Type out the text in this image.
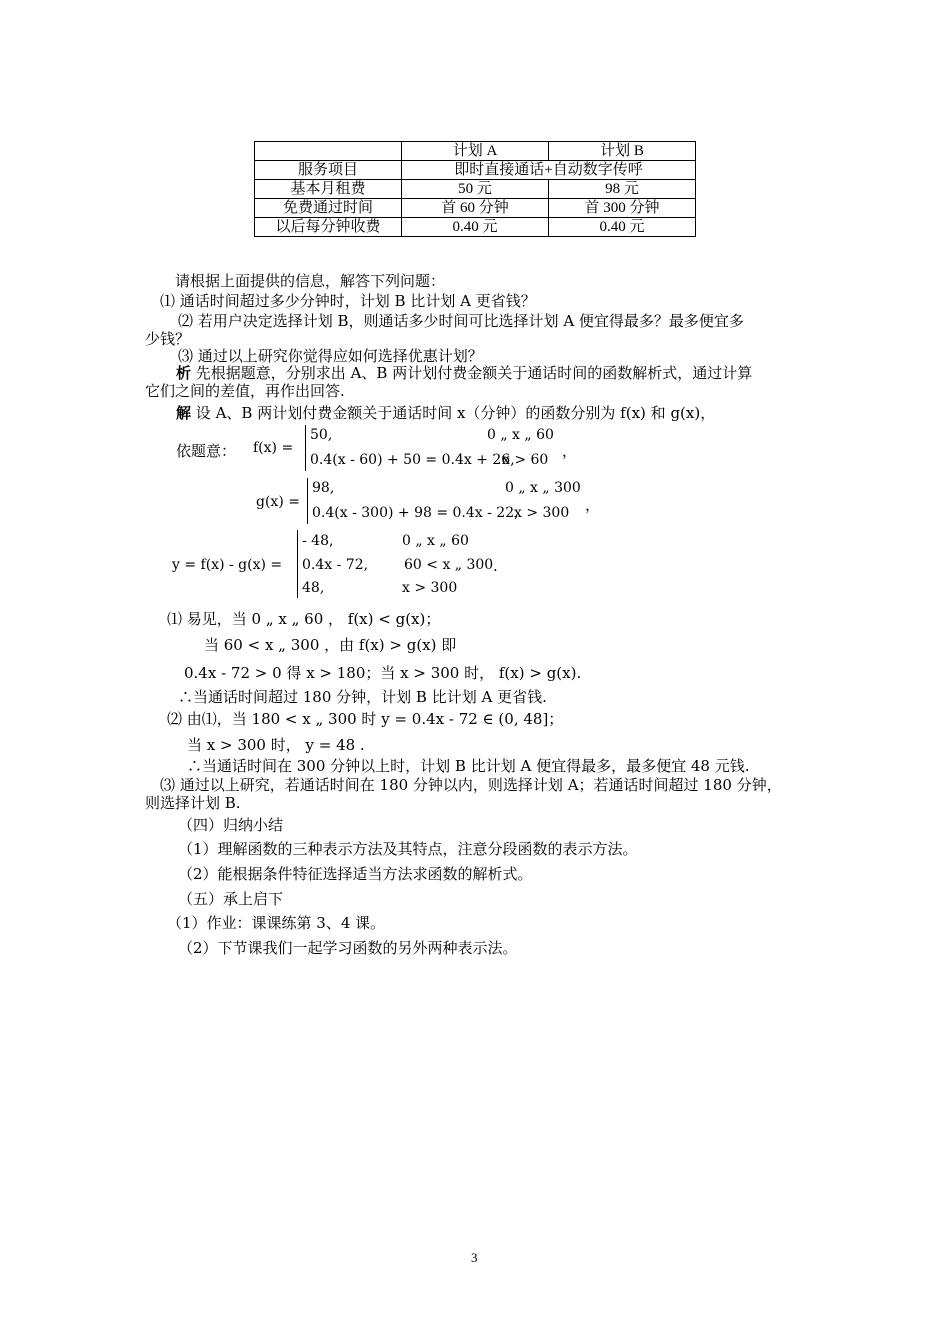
	计划 A	计划 B
服务项目	即时直接通话+自动数字传呼	
基本月租费	50 元	98 元
免费通过时间	首 60 分钟	首 300 分钟
以后每分钟收费	0.40 元	0.40 元
请根据上面提供的信息，解答下列问题：
⑴ 通话时间超过多少分钟时，计划 B 比计划 A 更省钱？
⑵ 若用户决定选择计划 B，则通话多少时间可比选择计划 A 便宜得最多？最多便宜多
少钱？
⑶ 通过以上研究你觉得应如何选择优惠计划？
析 先根据题意，分别求出 A、B 两计划付费金额关于通话时间的函数解析式，通过计算
它们之间的差值，再作出回答.
解 设 A、B 两计划付费金额关于通话时间 x（分钟）的函数分别为 f(x) 和 g(x)，
依题意： f(x) =
50,	0 „ x „ 60
0.4(x - 60) + 50 = 0.4x + 26,
x > 60 ，
g(x) =
98,	0 „ x „ 300
0.4(x - 300) + 98 = 0.4x - 22,
x > 300 ，
y = f(x) - g(x) =
- 48,	0 „ x „ 60
0.4x - 72,	60 < x „ 300
48,	x > 300
.
⑴ 易见，当 0 „ x „ 60 ， f(x) < g(x)；
当 60 < x „ 300 ，由 f(x) > g(x) 即
0.4x - 72 > 0 得 x > 180；当 x > 300 时， f(x) > g(x).
∴当通话时间超过 180 分钟，计划 B 比计划 A 更省钱.
⑵ 由⑴，当 180 < x „ 300 时 y = 0.4x - 72 ∈ (0, 48]；
当 x > 300 时， y = 48 .
∴当通话时间在 300 分钟以上时，计划 B 比计划 A 便宜得最多，最多便宜 48 元钱.
⑶ 通过以上研究，若通话时间在 180 分钟以内，则选择计划 A；若通话时间超过 180 分钟，
则选择计划 B.
（四）归纳小结
（1）理解函数的三种表示方法及其特点，注意分段函数的表示方法。
（2）能根据条件特征选择适当方法求函数的解析式。
（五）承上启下
（1）作业：课课练第 3、4 课。
（2）下节课我们一起学习函数的另外两种表示法。
3
